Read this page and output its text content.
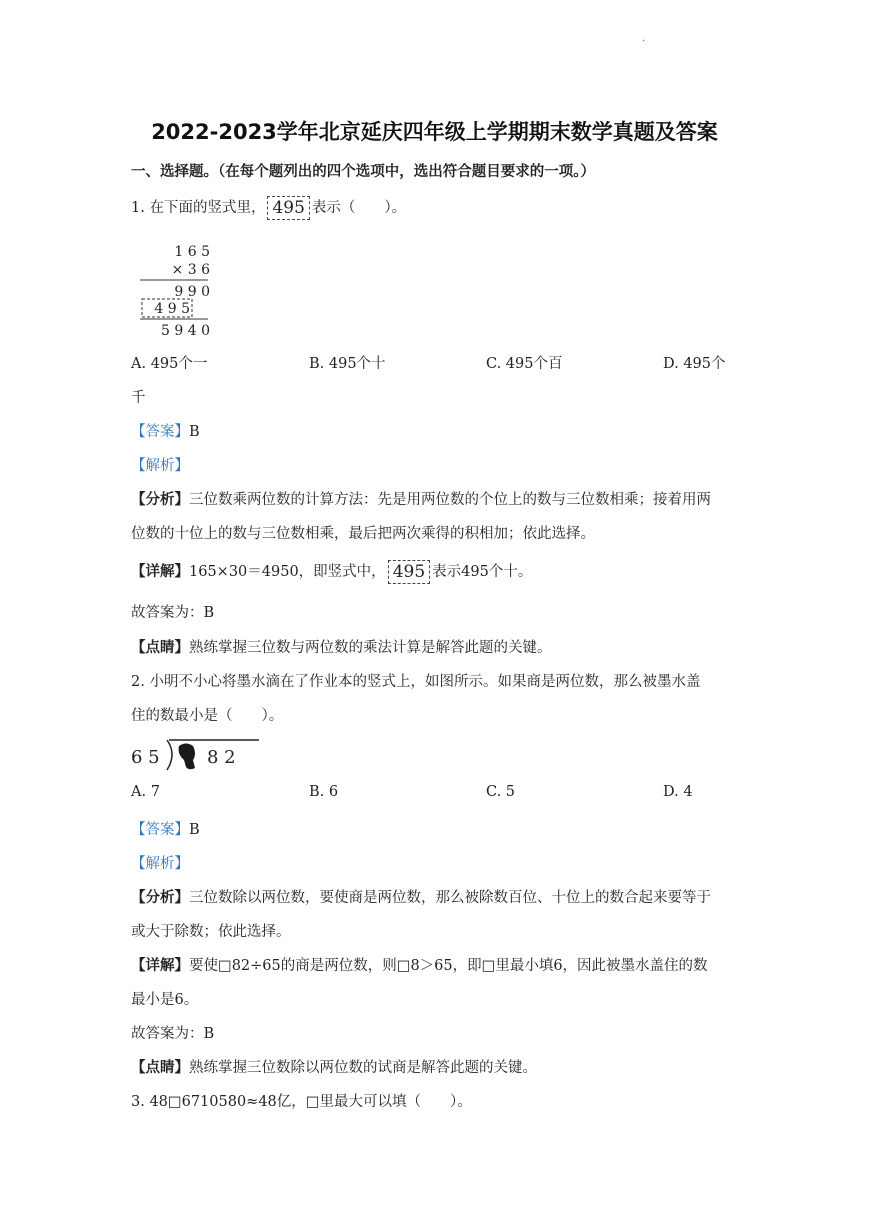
·
2022-2023学年北京延庆四年级上学期期末数学真题及答案
一、选择题。（在每个题列出的四个选项中，选出符合题目要求的一项。）
1. 在下面的竖式里， 495 表示（　　）。
1 6 5
× 3 6
9 9 0
4 9 5
5 9 4 0
A. 495个一	B. 495个十	C. 495个百	D. 495个
千
【答案】B
【解析】
【分析】三位数乘两位数的计算方法：先是用两位数的个位上的数与三位数相乘；接着用两
位数的十位上的数与三位数相乘，最后把两次乘得的积相加；依此选择。
【详解】165×30＝4950，即竖式中， 495 表示495个十。
故答案为：B
【点睛】熟练掌握三位数与两位数的乘法计算是解答此题的关键。
2. 小明不小心将墨水滴在了作业本的竖式上，如图所示。如果商是两位数，那么被墨水盖
住的数最小是（　　）。
6 5	8 2
A. 7	B. 6	C. 5	D. 4
【答案】B
【解析】
【分析】三位数除以两位数，要使商是两位数，那么被除数百位、十位上的数合起来要等于
或大于除数；依此选择。
【详解】要使□82÷65的商是两位数，则□8＞65，即□里最小填6，因此被墨水盖住的数
最小是6。
故答案为：B
【点睛】熟练掌握三位数除以两位数的试商是解答此题的关键。
3. 48□6710580≈48亿，□里最大可以填（　　）。
